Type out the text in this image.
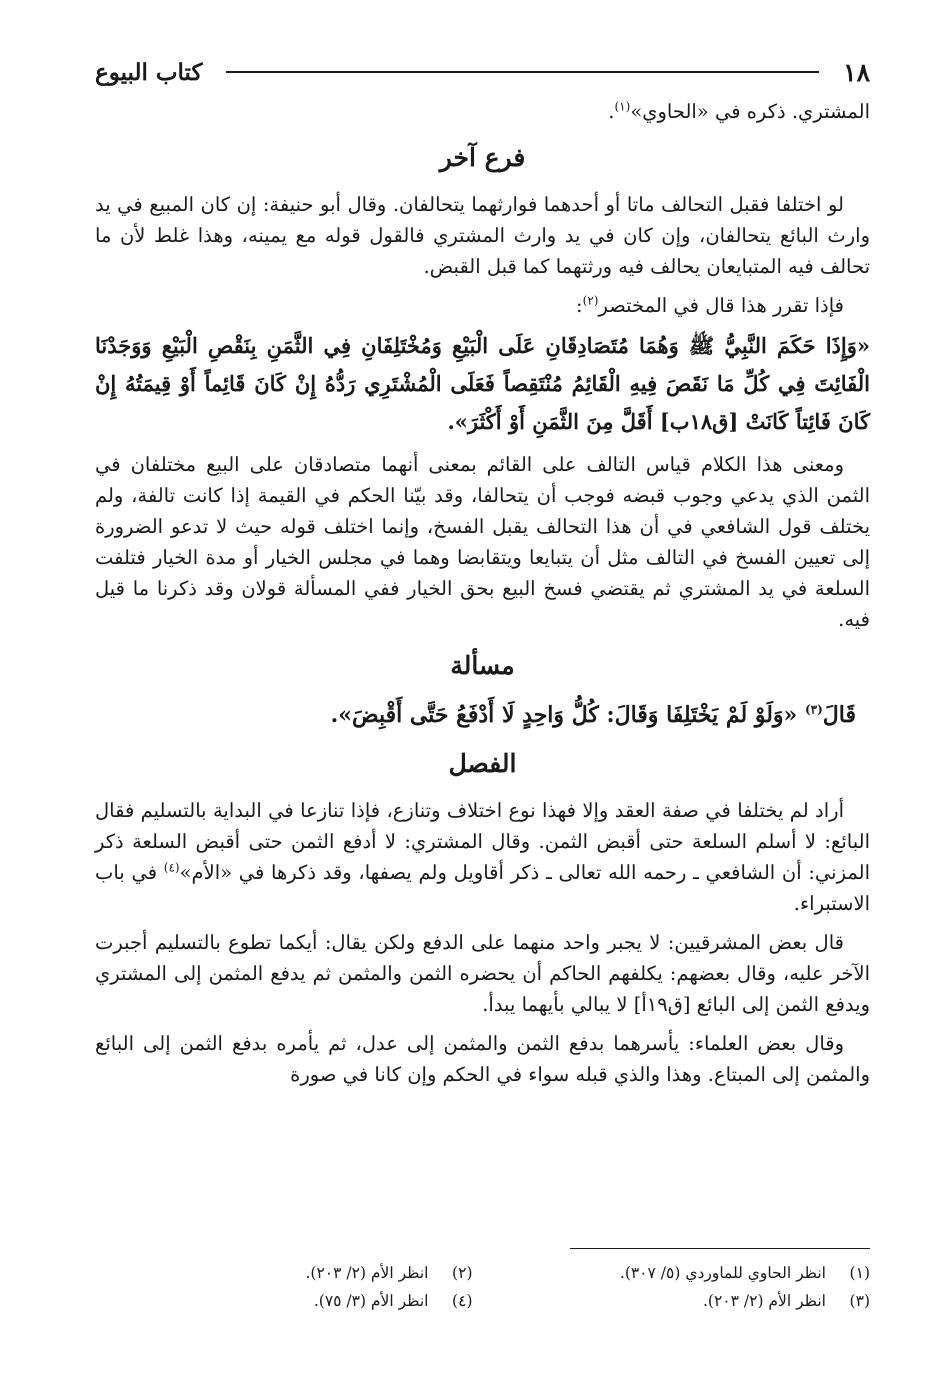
١٨
كتاب البيوع

المشتري. ذكره في «الحاوي»$^{(١)}$.

فرع آخر

لو اختلفا فقبل التحالف ماتا أو أحدهما فوارثهما يتحالفان. وقال أبو حنيفة: إن كان المبيع في يد وارث البائع يتحالفان، وإن كان في يد وارث المشتري فالقول قوله مع يمينه، وهذا غلط لأن ما تحالف فيه المتبايعان يحالف فيه ورثتهما كما قبل القبض.

فإذا تقرر هذا قال في المختصر$^{(٢)}$:

«وَإِذَا حَكَمَ النَّبِيُّ ﷺ وَهُمَا مُتَصَادِقَانِ عَلَى الْبَيْعِ وَمُخْتَلِفَانِ فِي الثَّمَنِ بِنَقْصِ الْبَيْعِ وَوَجَدْنَا الْفَائِتَ فِي كُلِّ مَا نَقَصَ فِيهِ الْقَائِمُ مُنْتَقِصاً فَعَلَى الْمُشْتَرِي رَدُّهُ إِنْ كَانَ قَائِماً أَوْ قِيمَتُهُ إِنْ كَانَ فَائِتاً كَانَتْ [ق١٨ب] أَقَلَّ مِنَ الثَّمَنِ أَوْ أَكْثَرَ».

ومعنى هذا الكلام قياس التالف على القائم بمعنى أنهما متصادقان على البيع مختلفان في الثمن الذي يدعي وجوب قبضه فوجب أن يتحالفا، وقد بيّنا الحكم في القيمة إذا كانت تالفة، ولم يختلف قول الشافعي في أن هذا التحالف يقبل الفسخ، وإنما اختلف قوله حيث لا تدعو الضرورة إلى تعيين الفسخ في التالف مثل أن يتبايعا ويتقابضا وهما في مجلس الخيار أو مدة الخيار فتلفت السلعة في يد المشتري ثم يقتضي فسخ البيع بحق الخيار ففي المسألة قولان وقد ذكرنا ما قيل فيه.

مسألة

قَالَ$^{(٣)}$ «وَلَوْ لَمْ يَخْتَلِفَا وَقَالَ: كُلُّ وَاحِدٍ لَا أَدْفَعُ حَتَّى أَقْبِضَ».

الفصل

أراد لم يختلفا في صفة العقد وإلا فهذا نوع اختلاف وتنازع، فإذا تنازعا في البداية بالتسليم فقال البائع: لا أسلم السلعة حتى أقبض الثمن. وقال المشتري: لا أدفع الثمن حتى أقبض السلعة ذكر المزني: أن الشافعي ـ رحمه الله تعالى ـ ذكر أقاويل ولم يصفها، وقد ذكرها في «الأم»$^{(٤)}$ في باب الاستبراء.

قال بعض المشرقيين: لا يجبر واحد منهما على الدفع ولكن يقال: أيكما تطوع بالتسليم أجبرت الآخر عليه، وقال بعضهم: يكلفهم الحاكم أن يحضره الثمن والمثمن ثم يدفع المثمن إلى المشتري ويدفع الثمن إلى البائع [ق١٩أ] لا يبالي بأيهما يبدأ.

وقال بعض العلماء: يأسرهما بدفع الثمن والمثمن إلى عدل، ثم يأمره بدفع الثمن إلى البائع والمثمن إلى المبتاع. وهذا والذي قبله سواء في الحكم وإن كانا في صورة

(١)
انظر الحاوي للماوردي (٥/ ٣٠٧).
(٢)
انظر الأم (٢/ ٢٠٣).
(٣)
انظر الأم (٢/ ٢٠٣).
(٤)
انظر الأم (٣/ ٧٥).
